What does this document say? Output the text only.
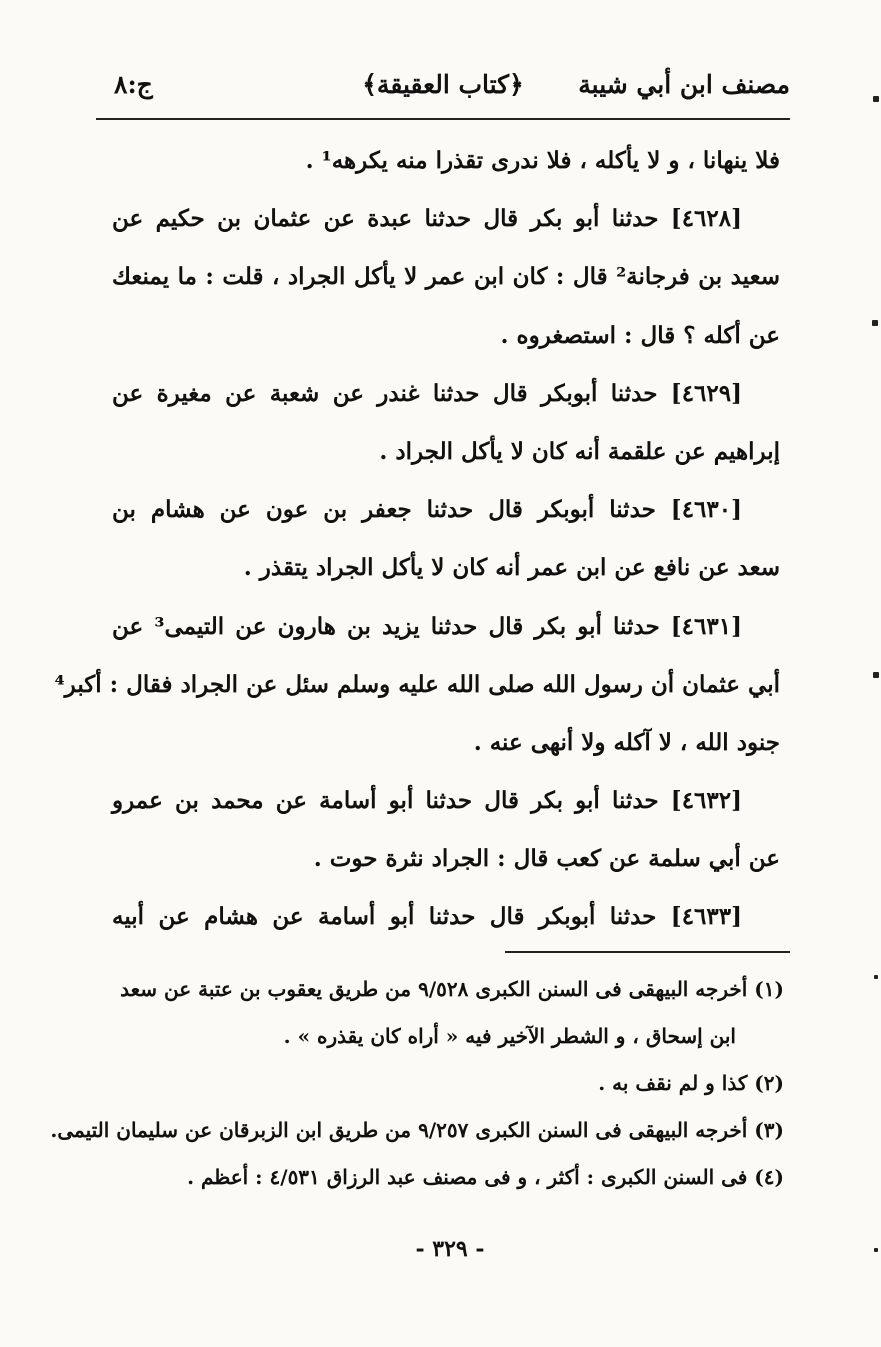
مصنف ابن أبي شيبة
﴿كتاب العقيقة﴾
ج:٨
فلا ينهانا ، و لا يأكله ، فلا ندرى تقذرا منه يكرهه¹ .
[٤٦٢٨] حدثنا أبو بكر قال حدثنا عبدة عن عثمان بن حكيم عن
سعيد بن فرجانة² قال : كان ابن عمر لا يأكل الجراد ، قلت : ما يمنعك
عن أكله ؟ قال : استصغروه .
[٤٦٢٩] حدثنا أبوبكر قال حدثنا غندر عن شعبة عن مغيرة عن
إبراهيم عن علقمة أنه كان لا يأكل الجراد .
[٤٦٣٠] حدثنا أبوبكر قال حدثنا جعفر بن عون عن هشام بن
سعد عن نافع عن ابن عمر أنه كان لا يأكل الجراد يتقذر .
[٤٦٣١] حدثنا أبو بكر قال حدثنا يزيد بن هارون عن التيمى³ عن
أبي عثمان أن رسول الله صلى الله عليه وسلم سئل عن الجراد فقال : أكبر⁴
جنود الله ، لا آكله ولا أنهى عنه .
[٤٦٣٢] حدثنا أبو بكر قال حدثنا أبو أسامة عن محمد بن عمرو
عن أبي سلمة عن كعب قال : الجراد نثرة حوت .
[٤٦٣٣] حدثنا أبوبكر قال حدثنا أبو أسامة عن هشام عن أبيه
(١) أخرجه البيهقى فى السنن الكبرى ٩/٥٢٨ من طريق يعقوب بن عتبة عن سعد
ابن إسحاق ، و الشطر الآخير فيه « أراه كان يقذره » .
(٢) كذا و لم نقف به .
(٣) أخرجه البيهقى فى السنن الكبرى ٩/٢٥٧ من طريق ابن الزبرقان عن سليمان التيمى.
(٤) فى السنن الكبرى : أكثر ، و فى مصنف عبد الرزاق ٤/٥٣١ : أعظم .
- ٣٢٩ -
